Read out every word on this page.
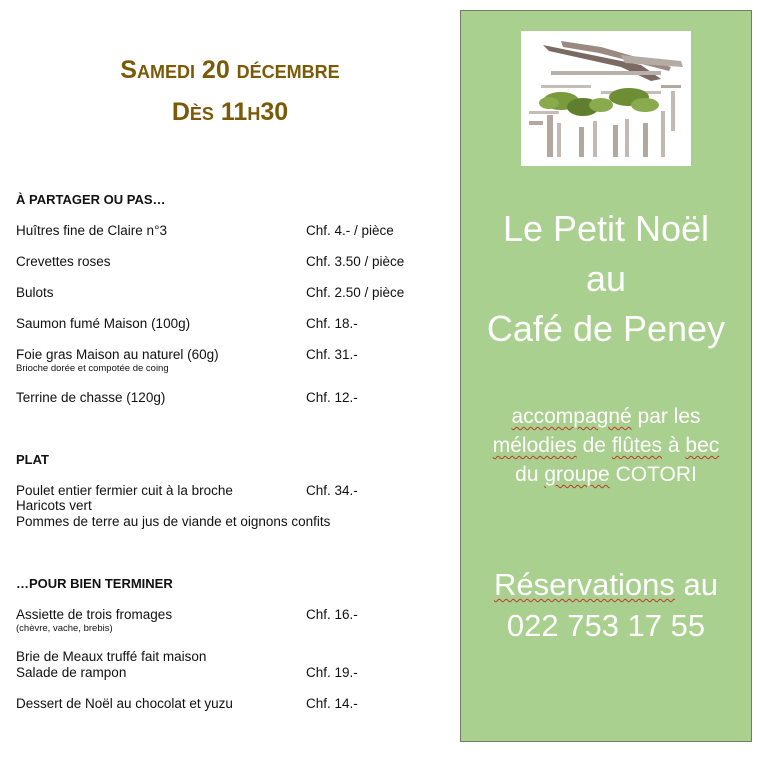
Samedi 20 décembre
Dès 11h30
À PARTAGER OU PAS…
Huîtres fine de Claire n°3	Chf. 4.- / pièce
Crevettes roses	Chf. 3.50 / pièce
Bulots	Chf. 2.50 / pièce
Saumon fumé Maison (100g)	Chf. 18.-
Foie gras Maison au naturel (60g)	Chf. 31.-
Brioche dorée et compotée de coing
Terrine de chasse (120g)	Chf. 12.-
PLAT
Poulet entier fermier cuit à la broche	Chf. 34.-
Haricots vert
Pommes de terre au jus de viande et oignons confits
…POUR BIEN TERMINER
Assiette de trois fromages	Chf. 16.-
(chèvre, vache, brebis)
Brie de Meaux truffé fait maison
Salade de rampon	Chf. 19.-
Dessert de Noël au chocolat et yuzu	Chf. 14.-
Le Petit Noël
au
Café de Peney
accompagné par les
mélodies de flûtes à bec
du groupe COTORI
Réservations au
022 753 17 55
